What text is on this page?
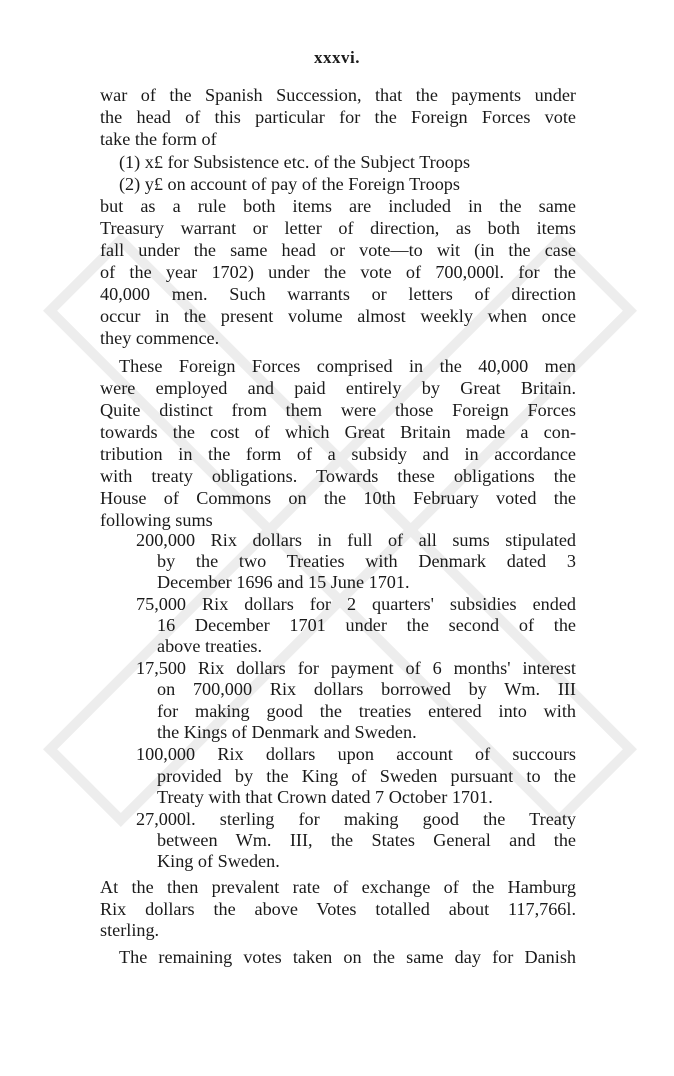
xxxvi.
war of the Spanish Succession, that the payments under
the head of this particular for the Foreign Forces vote
take the form of
(1) x£ for Subsistence etc. of the Subject Troops
(2) y£ on account of pay of the Foreign Troops
but as a rule both items are included in the same
Treasury warrant or letter of direction, as both items
fall under the same head or vote—to wit (in the case
of the year 1702) under the vote of 700,000l. for the
40,000 men. Such warrants or letters of direction
occur in the present volume almost weekly when once
they commence.
These Foreign Forces comprised in the 40,000 men
were employed and paid entirely by Great Britain.
Quite distinct from them were those Foreign Forces
towards the cost of which Great Britain made a con-
tribution in the form of a subsidy and in accordance
with treaty obligations. Towards these obligations the
House of Commons on the 10th February voted the
following sums
200,000 Rix dollars in full of all sums stipulated
by the two Treaties with Denmark dated 3
December 1696 and 15 June 1701.
75,000 Rix dollars for 2 quarters' subsidies ended
16 December 1701 under the second of the
above treaties.
17,500 Rix dollars for payment of 6 months' interest
on 700,000 Rix dollars borrowed by Wm. III
for making good the treaties entered into with
the Kings of Denmark and Sweden.
100,000 Rix dollars upon account of succours
provided by the King of Sweden pursuant to the
Treaty with that Crown dated 7 October 1701.
27,000l. sterling for making good the Treaty
between Wm. III, the States General and the
King of Sweden.
At the then prevalent rate of exchange of the Hamburg
Rix dollars the above Votes totalled about 117,766l.
sterling.
The remaining votes taken on the same day for Danish
